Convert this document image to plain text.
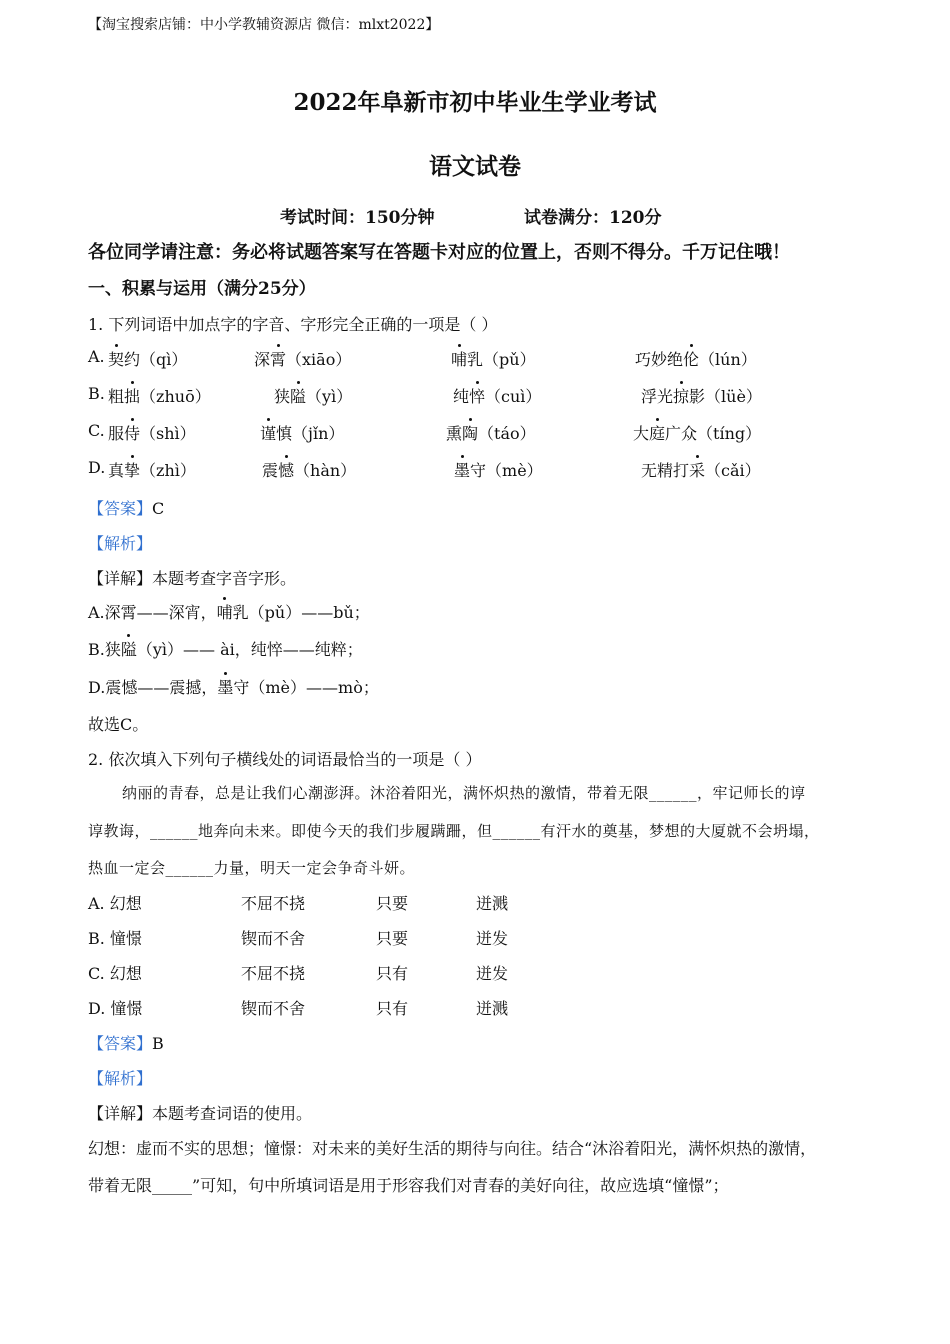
【淘宝搜索店铺：中小学教辅资源店 微信：mlxt2022】
2022年阜新市初中毕业生学业考试
语文试卷
考试时间：150分钟	试卷满分：120分
各位同学请注意：务必将试题答案写在答题卡对应的位置上，否则不得分。千万记住哦！
一、积累与运用（满分25分）
1. 下列词语中加点字的字音、字形完全正确的一项是（ ）
A. 契约（qì）	深霄（xiāo）	哺乳（pǔ）	巧妙绝伦（lún）
B. 粗拙（zhuō）	狭隘（yì）	纯悴（cuì）	浮光掠影（lüè）
C. 服侍（shì）	谨慎（jǐn）	熏陶（táo）	大庭广众（tíng）
D. 真挚（zhì）	震憾（hàn）	墨守（mè）	无精打采（cǎi）
【答案】C
【解析】
【详解】本题考查字音字形。
A.深霄——深宵，哺乳（pǔ）——bǔ；
B.狭隘（yì）—— ài，纯悴——纯粹；
D.震憾——震撼，墨守（mè）——mò；
故选C。
2. 依次填入下列句子横线处的词语最恰当的一项是（ ）
纳丽的青春，总是让我们心潮澎湃。沐浴着阳光，满怀炽热的激情，带着无限______，牢记师长的谆
谆教诲，______地奔向未来。即使今天的我们步履蹒跚，但______有汗水的奠基，梦想的大厦就不会坍塌，
热血一定会______力量，明天一定会争奇斗妍。
A. 幻想	不屈不挠	只要	迸溅
B. 憧憬	锲而不舍	只要	迸发
C. 幻想	不屈不挠	只有	迸发
D. 憧憬	锲而不舍	只有	迸溅
【答案】B
【解析】
【详解】本题考查词语的使用。
幻想：虚而不实的思想；憧憬：对未来的美好生活的期待与向往。结合“沐浴着阳光，满怀炽热的激情，
带着无限_____”可知，句中所填词语是用于形容我们对青春的美好向往，故应选填“憧憬”；
